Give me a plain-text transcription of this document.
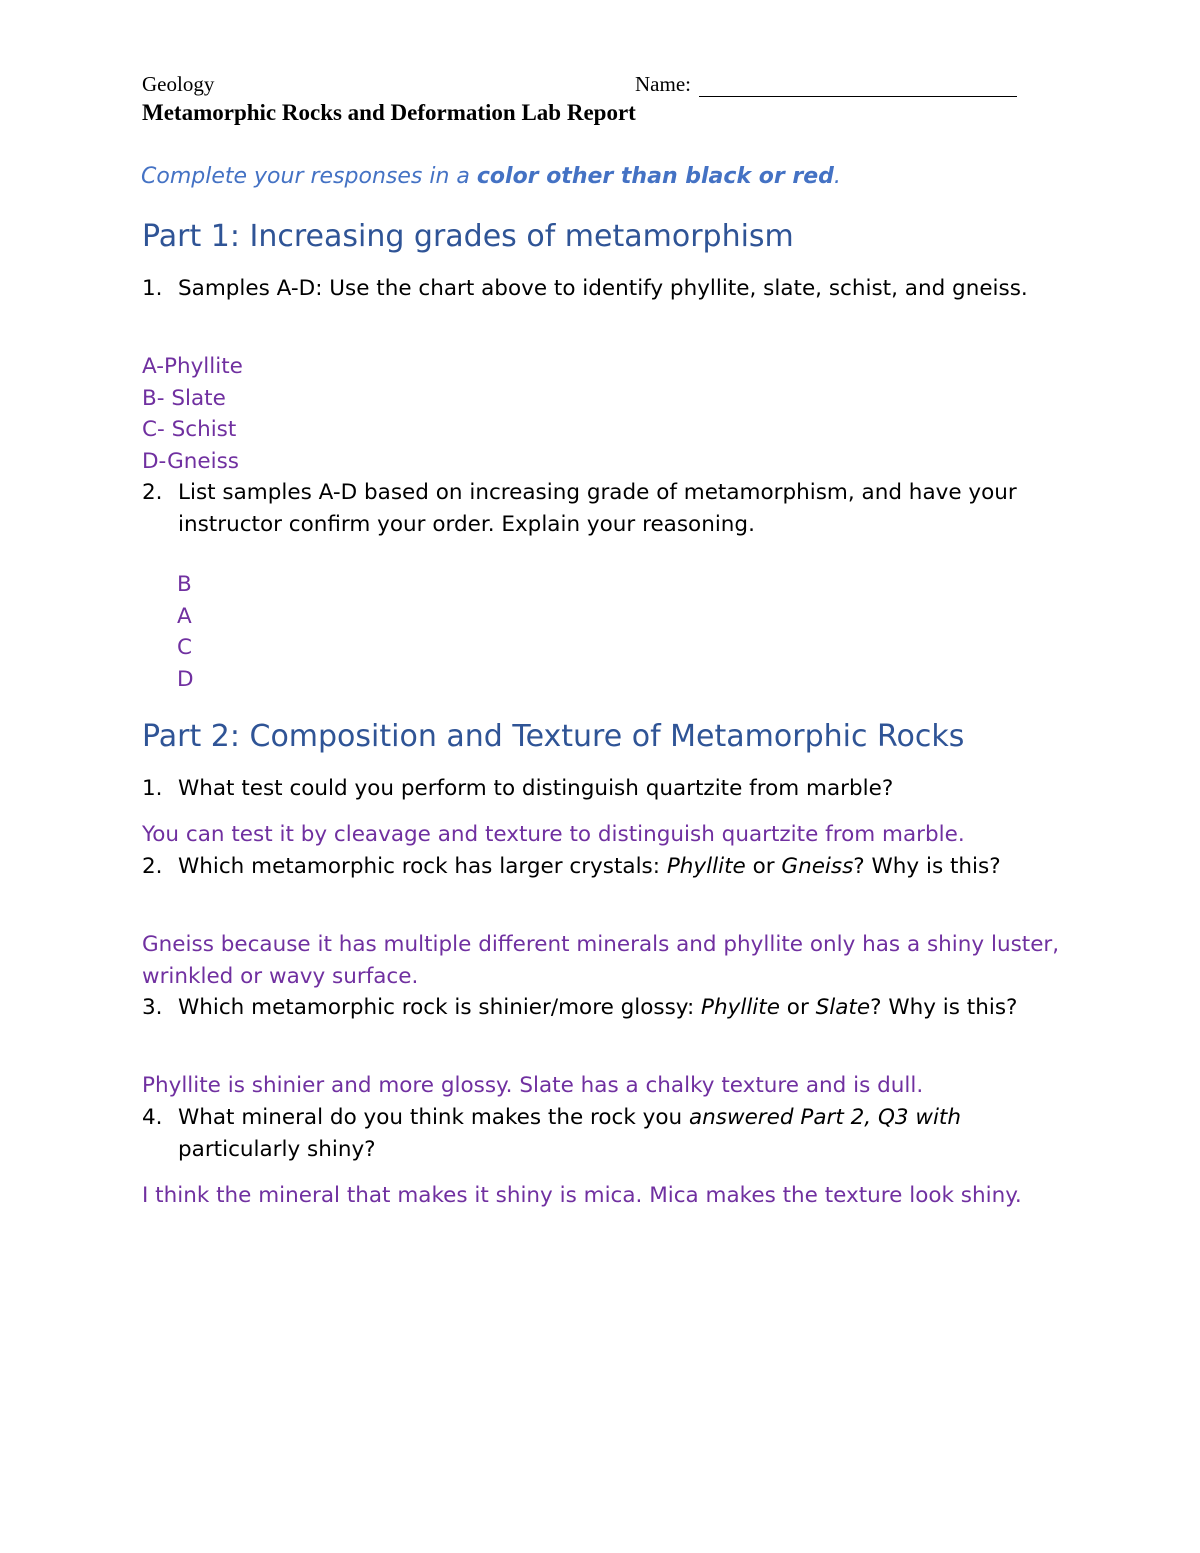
Geology	Name:
Metamorphic Rocks and Deformation Lab Report
Complete your responses in a color other than black or red.
Part 1: Increasing grades of metamorphism
1. Samples A-D: Use the chart above to identify phyllite, slate, schist, and gneiss.
A-Phyllite
B- Slate
C- Schist
D-Gneiss
2. List samples A-D based on increasing grade of metamorphism, and have your instructor confirm your order. Explain your reasoning.
B
A
C
D
Part 2: Composition and Texture of Metamorphic Rocks
1. What test could you perform to distinguish quartzite from marble?
You can test it by cleavage and texture to distinguish quartzite from marble.
2. Which metamorphic rock has larger crystals: Phyllite or Gneiss? Why is this?
Gneiss because it has multiple different minerals and phyllite only has a shiny luster, wrinkled or wavy surface.
3. Which metamorphic rock is shinier/more glossy: Phyllite or Slate? Why is this?
Phyllite is shinier and more glossy. Slate has a chalky texture and is dull.
4. What mineral do you think makes the rock you answered Part 2, Q3 with particularly shiny?
I think the mineral that makes it shiny is mica. Mica makes the texture look shiny.
